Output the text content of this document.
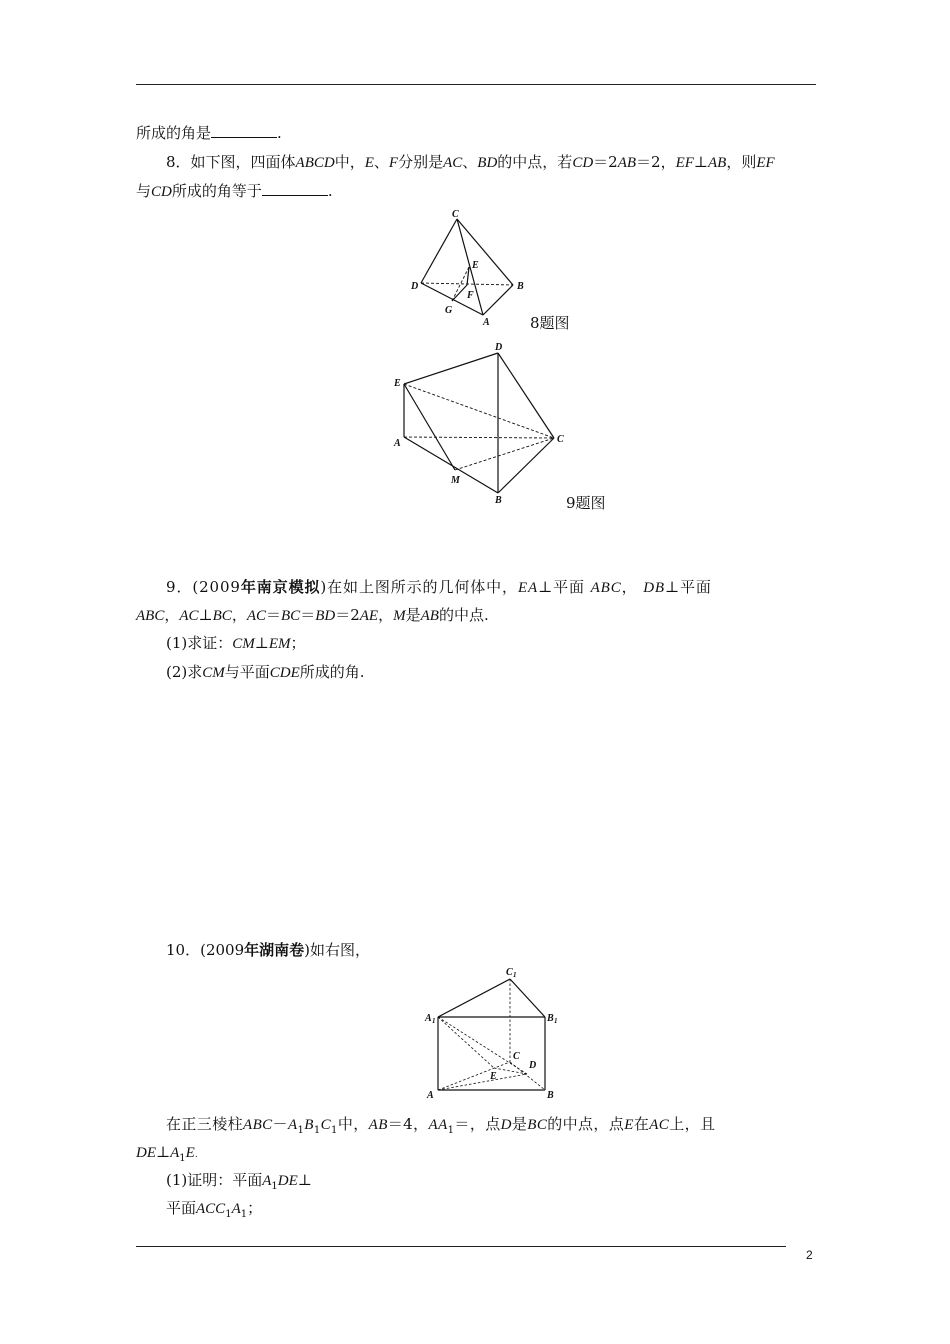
所成的角是	.
8．如下图，四面体ABCD中，E、F分别是AC、BD的中点，若CD＝2AB＝2，EF⊥AB，则EF
与CD所成的角等于	.
C
E
D	B
F
G
A	8题图
D
E
A	C
M
B	9题图
9．(2009年南京模拟)在如上图所示的几何体中，EA⊥平面 ABC， DB⊥平面
ABC，AC⊥BC，AC＝BC＝BD＝2AE，M是AB的中点.
(1)求证：CM⊥EM；
(2)求CM与平面CDE所成的角.
10．(2009年湖南卷)如右图，
C 1
A 1	B 1
C
D
E
A	B
在正三棱柱$ABC-A_1B_1C_1$中，AB＝4，$AA_1=$，点D是BC的中点，点E在AC上，且
$DE\perp A_1E$.
(1)证明：平面$A_1DE\perp$
平面$ACC_1A_1$；
2
